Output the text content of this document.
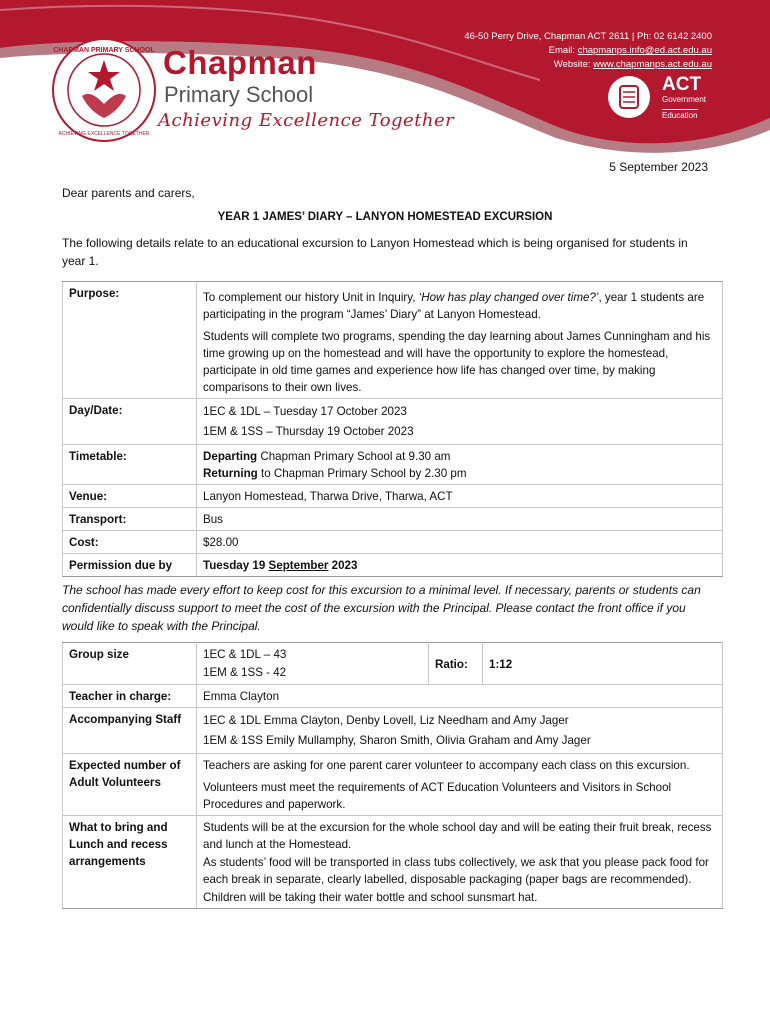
CHAPMAN PRIMARY SCHOOL
ACHIEVING EXCELLENCE TOGETHER
Chapman
Primary School
Achieving Excellence Together
46-50 Perry Drive, Chapman ACT 2611 | Ph: 02 6142 2400
Email: chapmanps.info@ed.act.edu.au
Website: www.chapmanps.act.edu.au
ACT
Government
Education
5 September 2023
Dear parents and carers,
YEAR 1 JAMES’ DIARY – LANYON HOMESTEAD EXCURSION
The following details relate to an educational excursion to Lanyon Homestead which is being organised for students in year 1.
Purpose:	To complement our history Unit in Inquiry, ‘How has play changed over time?’, year 1 students are participating in the program “James’ Diary” at Lanyon Homestead.
Students will complete two programs, spending the day learning about James Cunningham and his time growing up on the homestead and will have the opportunity to explore the homestead, participate in old time games and experience how life has changed over time, by making comparisons to their own lives.

Day/Date:	1EC & 1DL – Tuesday 17 October 2023
1EM & 1SS – Thursday 19 October 2023

Timetable:	Departing Chapman Primary School at 9.30 am
Returning to Chapman Primary School by 2.30 pm

Venue:	Lanyon Homestead, Tharwa Drive, Tharwa, ACT
Transport:	Bus
Cost:	$28.00
Permission due by	Tuesday 19 September 2023
The school has made every effort to keep cost for this excursion to a minimal level. If necessary, parents or students can confidentially discuss support to meet the cost of the excursion with the Principal. Please contact the front office if you would like to speak with the Principal.
Group size	1EC & 1DL – 43
1EM & 1SS - 42	Ratio:	1:12
Teacher in charge:	Emma Clayton		
Accompanying Staff	1EC & 1DL Emma Clayton, Denby Lovell, Liz Needham and Amy Jager
1EM & 1SS Emily Mullamphy, Sharon Smith, Olivia Graham and Amy Jager		

Expected number of Adult Volunteers	Teachers are asking for one parent carer volunteer to accompany each class on this excursion.
Volunteers must meet the requirements of ACT Education Volunteers and Visitors in School Procedures and paperwork.		

What to bring and Lunch and recess arrangements	Students will be at the excursion for the whole school day and will be eating their fruit break, recess and lunch at the Homestead.
As students’ food will be transported in class tubs collectively, we ask that you please pack food for each break in separate, clearly labelled, disposable packaging (paper bags are recommended).
Children will be taking their water bottle and school sunsmart hat.		
